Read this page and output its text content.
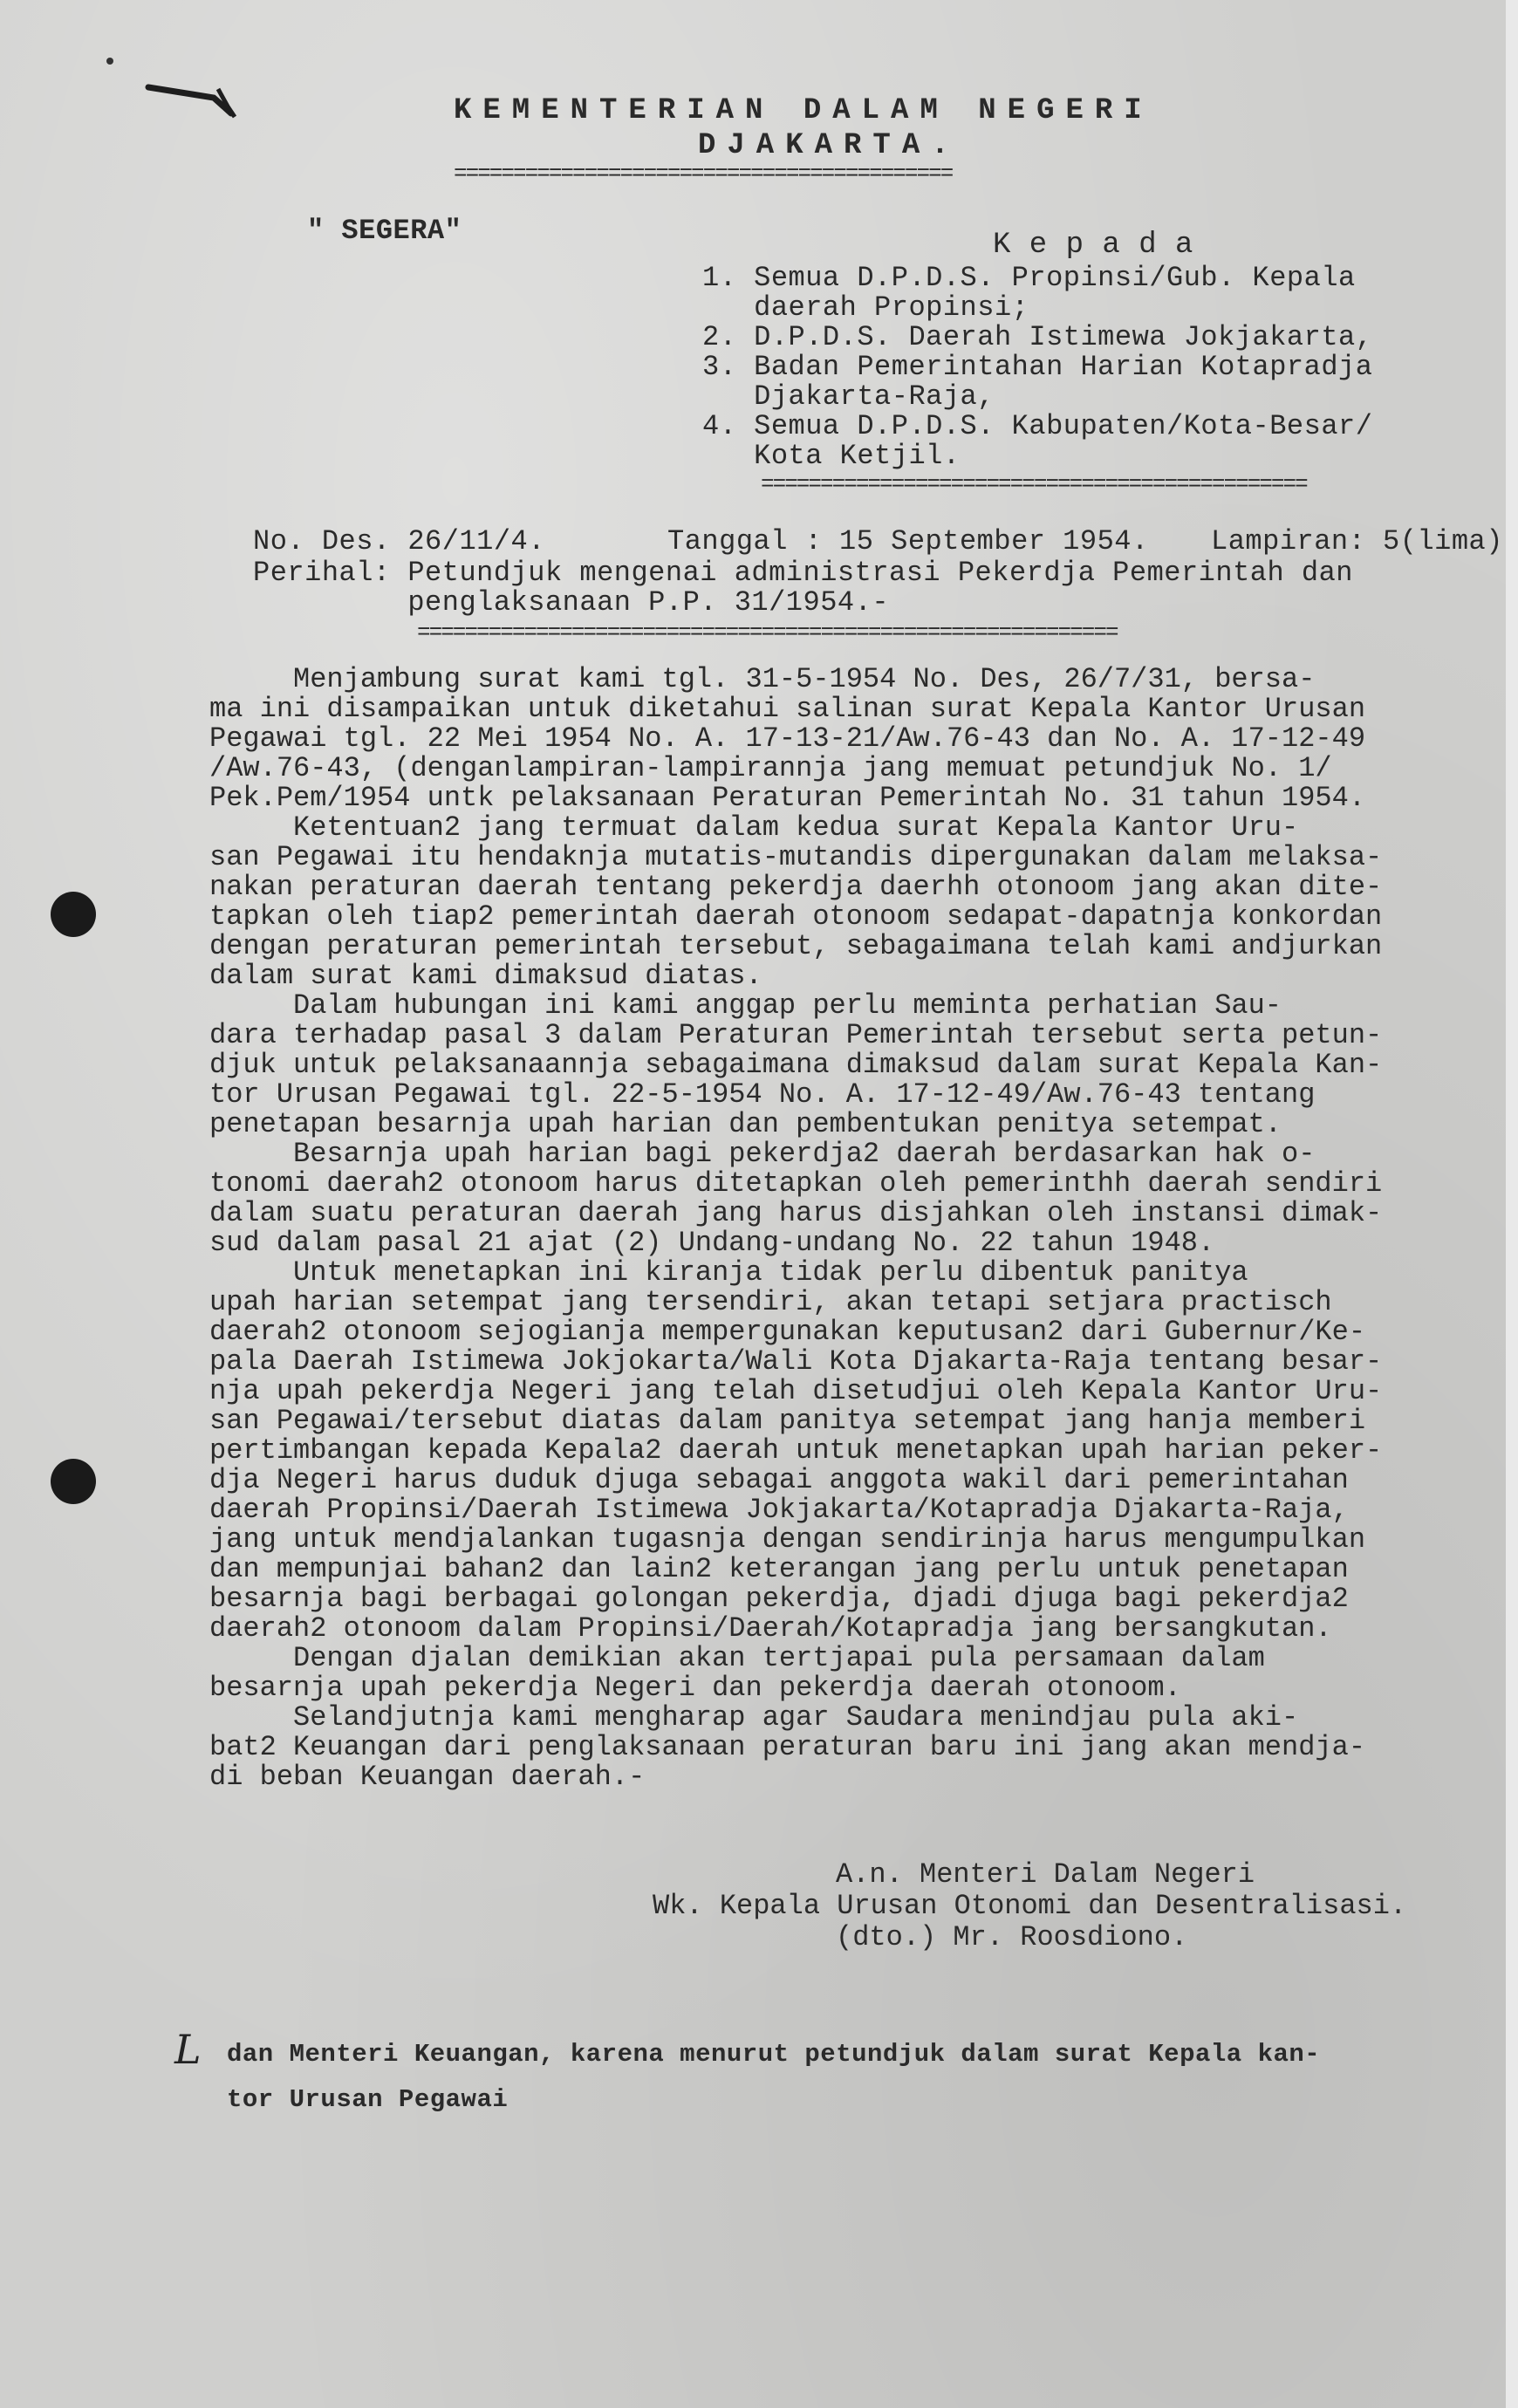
KEMENTERIAN DALAM NEGERI
DJAKARTA.
==========================================
" SEGERA"	K e p a d a
1. Semua D.P.D.S. Propinsi/Gub. Kepala
daerah Propinsi;
2. D.P.D.S. Daerah Istimewa Jokjakarta,
3. Badan Pemerintahan Harian Kotapradja
Djakarta-Raja,
4. Semua D.P.D.S. Kabupaten/Kota-Besar/
Kota Ketjil.
==============================================
No. Des. 26/11/4.	Tanggal : 15 September 1954. Lampiran: 5(lima)
Perihal: Petundjuk mengenai administrasi Pekerdja Pemerintah dan
penglaksanaan P.P. 31/1954.-
===========================================================
Menjambung surat kami tgl. 31-5-1954 No. Des, 26/7/31, bersa-
ma ini disampaikan untuk diketahui salinan surat Kepala Kantor Urusan
Pegawai tgl. 22 Mei 1954 No. A. 17-13-21/Aw.76-43 dan No. A. 17-12-49
/Aw.76-43, (denganlampiran-lampirannja jang memuat petundjuk No. 1/
Pek.Pem/1954 untk pelaksanaan Peraturan Pemerintah No. 31 tahun 1954.
Ketentuan2 jang termuat dalam kedua surat Kepala Kantor Uru-
san Pegawai itu hendaknja mutatis-mutandis dipergunakan dalam melaksa-
nakan peraturan daerah tentang pekerdja daerhh otonoom jang akan dite-
tapkan oleh tiap2 pemerintah daerah otonoom sedapat-dapatnja konkordan
dengan peraturan pemerintah tersebut, sebagaimana telah kami andjurkan
dalam surat kami dimaksud diatas.
Dalam hubungan ini kami anggap perlu meminta perhatian Sau-
dara terhadap pasal 3 dalam Peraturan Pemerintah tersebut serta petun-
djuk untuk pelaksanaannja sebagaimana dimaksud dalam surat Kepala Kan-
tor Urusan Pegawai tgl. 22-5-1954 No. A. 17-12-49/Aw.76-43 tentang
penetapan besarnja upah harian dan pembentukan penitya setempat.
Besarnja upah harian bagi pekerdja2 daerah berdasarkan hak o-
tonomi daerah2 otonoom harus ditetapkan oleh pemerinthh daerah sendiri
dalam suatu peraturan daerah jang harus disjahkan oleh instansi dimak-
sud dalam pasal 21 ajat (2) Undang-undang No. 22 tahun 1948.
Untuk menetapkan ini kiranja tidak perlu dibentuk panitya
upah harian setempat jang tersendiri, akan tetapi setjara practisch
daerah2 otonoom sejogianja mempergunakan keputusan2 dari Gubernur/Ke-
pala Daerah Istimewa Jokjokarta/Wali Kota Djakarta-Raja tentang besar-
nja upah pekerdja Negeri jang telah disetudjui oleh Kepala Kantor Uru-
san Pegawai/tersebut diatas dalam panitya setempat jang hanja memberi
pertimbangan kepada Kepala2 daerah untuk menetapkan upah harian peker-
dja Negeri harus duduk djuga sebagai anggota wakil dari pemerintahan
daerah Propinsi/Daerah Istimewa Jokjakarta/Kotapradja Djakarta-Raja,
jang untuk mendjalankan tugasnja dengan sendirinja harus mengumpulkan
dan mempunjai bahan2 dan lain2 keterangan jang perlu untuk penetapan
besarnja bagi berbagai golongan pekerdja, djadi djuga bagi pekerdja2
daerah2 otonoom dalam Propinsi/Daerah/Kotapradja jang bersangkutan.
Dengan djalan demikian akan tertjapai pula persamaan dalam
besarnja upah pekerdja Negeri dan pekerdja daerah otonoom.
Selandjutnja kami mengharap agar Saudara menindjau pula aki-
bat2 Keuangan dari penglaksanaan peraturan baru ini jang akan mendja-
di beban Keuangan daerah.-
A.n. Menteri Dalam Negeri
Wk. Kepala Urusan Otonomi dan Desentralisasi.
(dto.) Mr. Roosdiono.
L dan Menteri Keuangan, karena menurut petundjuk dalam surat Kepala kan-
tor Urusan Pegawai
